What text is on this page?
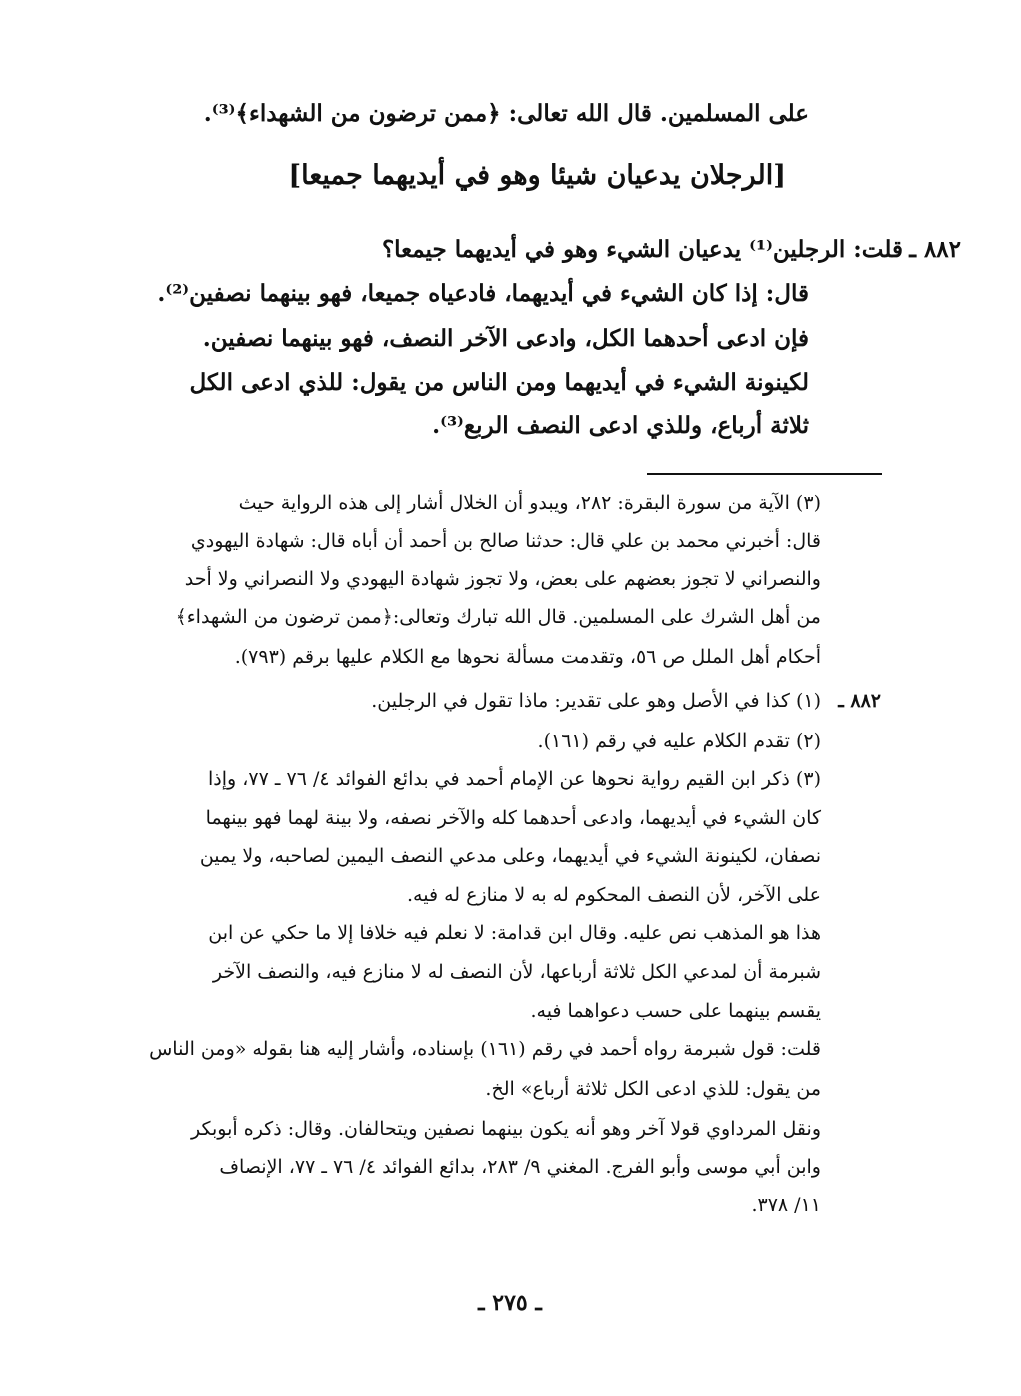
على المسلمين. قال الله تعالى: ﴿ممن ترضون من الشهداء﴾⁽³⁾.
[الرجلان يدعيان شيئا وهو في أيديهما جميعا]
٨٨٢ ـ
قلت: الرجلين⁽¹⁾ يدعيان الشيء وهو في أيديهما جيمعا؟
قال: إذا كان الشيء في أيديهما، فادعياه جميعا، فهو بينهما نصفين⁽²⁾.
فإن ادعى أحدهما الكل، وادعى الآخر النصف، فهو بينهما نصفين.
لكينونة الشيء في أيديهما ومن الناس من يقول: للذي ادعى الكل
ثلاثة أرباع، وللذي ادعى النصف الربع⁽³⁾.
(٣) الآية من سورة البقرة: ٢٨٢، ويبدو أن الخلال أشار إلى هذه الرواية حيث
قال: أخبرني محمد بن علي قال: حدثنا صالح بن أحمد أن أباه قال: شهادة اليهودي
والنصراني لا تجوز بعضهم على بعض، ولا تجوز شهادة اليهودي ولا النصراني ولا أحد
من أهل الشرك على المسلمين. قال الله تبارك وتعالى:﴿ممن ترضون من الشهداء﴾
أحكام أهل الملل ص ٥٦، وتقدمت مسألة نحوها مع الكلام عليها برقم (٧٩٣).
٨٨٢ ـ
(١) كذا في الأصل وهو على تقدير: ماذا تقول في الرجلين.
(٢) تقدم الكلام عليه في رقم (١٦١).
(٣) ذكر ابن القيم رواية نحوها عن الإمام أحمد في بدائع الفوائد ٤/ ٧٦ ـ ٧٧، وإذا
كان الشيء في أيديهما، وادعى أحدهما كله والآخر نصفه، ولا بينة لهما فهو بينهما
نصفان، لكينونة الشيء في أيديهما، وعلى مدعي النصف اليمين لصاحبه، ولا يمين
على الآخر، لأن النصف المحكوم له به لا منازع له فيه.
هذا هو المذهب نص عليه. وقال ابن قدامة: لا نعلم فيه خلافا إلا ما حكي عن ابن
شبرمة أن لمدعي الكل ثلاثة أرباعها، لأن النصف له لا منازع فيه، والنصف الآخر
يقسم بينهما على حسب دعواهما فيه.
قلت: قول شبرمة رواه أحمد في رقم (١٦١) بإسناده، وأشار إليه هنا بقوله «ومن الناس
من يقول: للذي ادعى الكل ثلاثة أرباع» الخ.
ونقل المرداوي قولا آخر وهو أنه يكون بينهما نصفين ويتحالفان. وقال: ذكره أبوبكر
وابن أبي موسى وأبو الفرج. المغني ٩/ ٢٨٣، بدائع الفوائد ٤/ ٧٦ ـ ٧٧، الإنصاف
١١/ ٣٧٨.
ـ ٢٧٥ ـ
